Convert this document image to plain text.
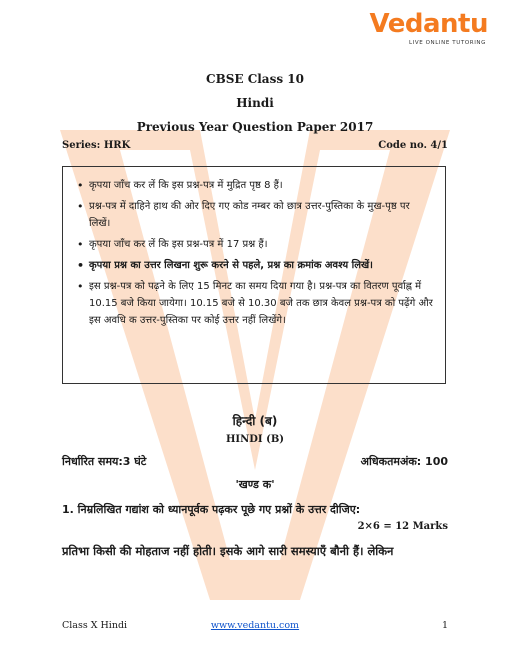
Vedantu
LIVE ONLINE TUTORING
CBSE Class 10
Hindi
Previous Year Question Paper 2017
Series: HRK	Code no. 4/1
• कृपया जाँच कर लें कि इस प्रश्न-पत्र में मुद्रित पृष्ठ 8 हैं।
• प्रश्न-पत्र में दाहिने हाथ की ओर दिए गए कोड नम्बर को छात्र उत्तर-पुस्तिका के मुख-पृष्ठ पर लिखें।
• कृपया जाँच कर लें कि इस प्रश्न-पत्र में 17 प्रश्न हैं।
• कृपया प्रश्न का उत्तर लिखना शुरू करने से पहले, प्रश्न का क्रमांक अवश्य लिखें।
• इस प्रश्न-पत्र को पढ़ने के लिए 15 मिनट का समय दिया गया है। प्रश्न-पत्र का वितरण पूर्वाह्न में 10.15 बजे किया जायेगा। 10.15 बजे से 10.30 बजे तक छात्र केवल प्रश्न-पत्र को पढ़ेंगे और इस अवधि क उत्तर-पुस्तिका पर कोई उत्तर नहीं लिखेंगे।
हिन्दी (ब)
HINDI (B)
निर्धारित समय:3 घंटे	अधिकतमअंक: 100
'खण्ड क'
1. निम्रलिखित गद्यांश को ध्यानपूर्वक पढ़कर पूछे गए प्रश्नों के उत्तर दीजिए:
2×6 = 12 Marks
प्रतिभा किसी की मोहताज नहीं होती। इसके आगे सारी समस्याएँ बौनी हैं। लेकिन
Class X Hindi	www.vedantu.com	1
